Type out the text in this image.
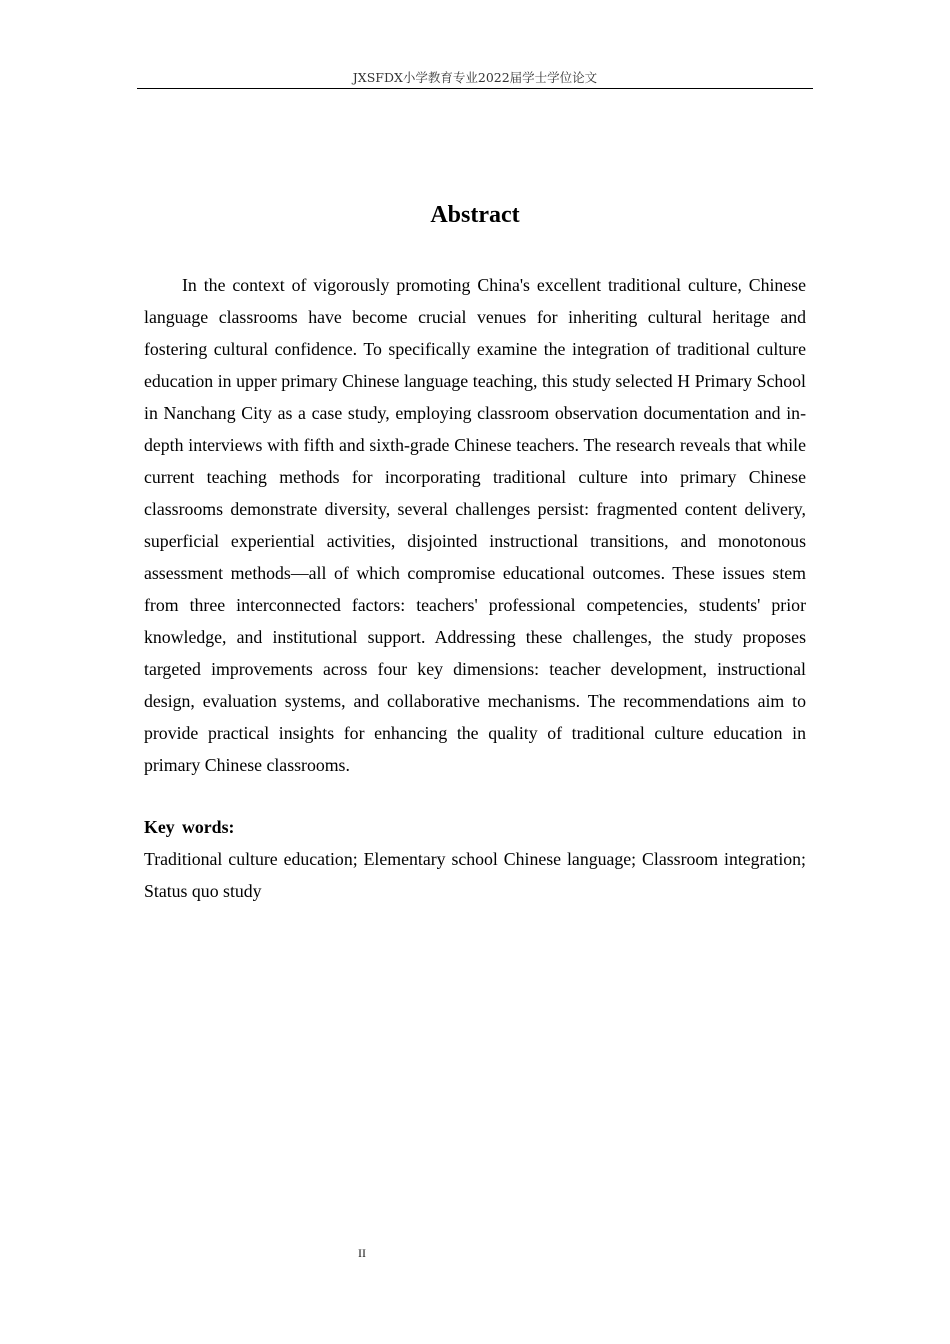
JXSFDX小学教育专业2022届学士学位论文
Abstract

In the context of vigorously promoting China's excellent traditional culture, Chinese language classrooms have become crucial venues for inheriting cultural heritage and fostering cultural confidence. To specifically examine the integration of traditional culture education in upper primary Chinese language teaching, this study selected H Primary School in Nanchang City as a case study, employing classroom observation documentation and in-depth interviews with fifth and sixth-grade Chinese teachers. The research reveals that while current teaching methods for incorporating traditional culture into primary Chinese classrooms demonstrate diversity, several challenges persist: fragmented content delivery, superficial experiential activities, disjointed instructional transitions, and monotonous assessment methods—all of which compromise educational outcomes. These issues stem from three interconnected factors: teachers' professional competencies, students' prior knowledge, and institutional support. Addressing these challenges, the study proposes targeted improvements across four key dimensions: teacher development, instructional design, evaluation systems, and collaborative mechanisms. The recommendations aim to provide practical insights for enhancing the quality of traditional culture education in primary Chinese classrooms.

Key words:

Traditional culture education; Elementary school Chinese language; Classroom integration; Status quo study

II
